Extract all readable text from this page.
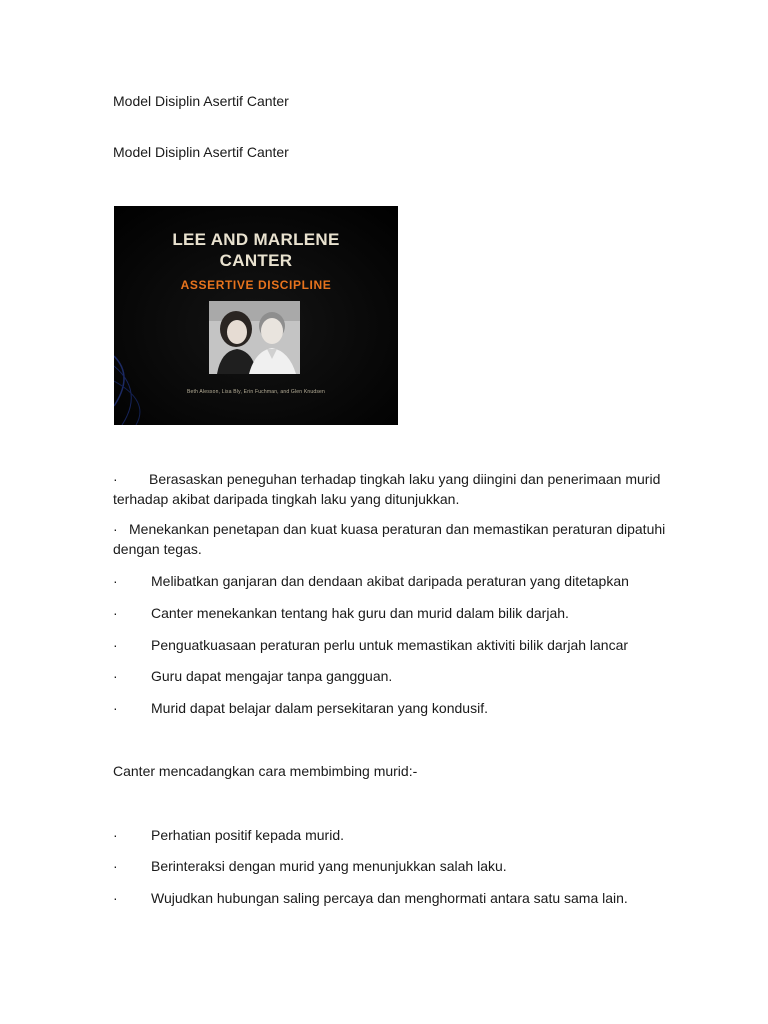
Model Disiplin Asertif Canter
Model Disiplin Asertif Canter
LEE AND MARLENE
CANTER
ASSERTIVE DISCIPLINE
Beth Alesson, Lisa Bly, Erin Fuchman, and Glen Knudsen
· Berasaskan peneguhan terhadap tingkah laku yang diingini dan penerimaan murid terhadap akibat daripada tingkah laku yang ditunjukkan.
· Menekankan penetapan dan kuat kuasa peraturan dan memastikan peraturan dipatuhi dengan tegas.
· Melibatkan ganjaran dan dendaan akibat daripada peraturan yang ditetapkan
· Canter menekankan tentang hak guru dan murid dalam bilik darjah.
· Penguatkuasaan peraturan perlu untuk memastikan aktiviti bilik darjah lancar
· Guru dapat mengajar tanpa gangguan.
· Murid dapat belajar dalam persekitaran yang kondusif.
Canter mencadangkan cara membimbing murid:-
· Perhatian positif kepada murid.
· Berinteraksi dengan murid yang menunjukkan salah laku.
· Wujudkan hubungan saling percaya dan menghormati antara satu sama lain.
